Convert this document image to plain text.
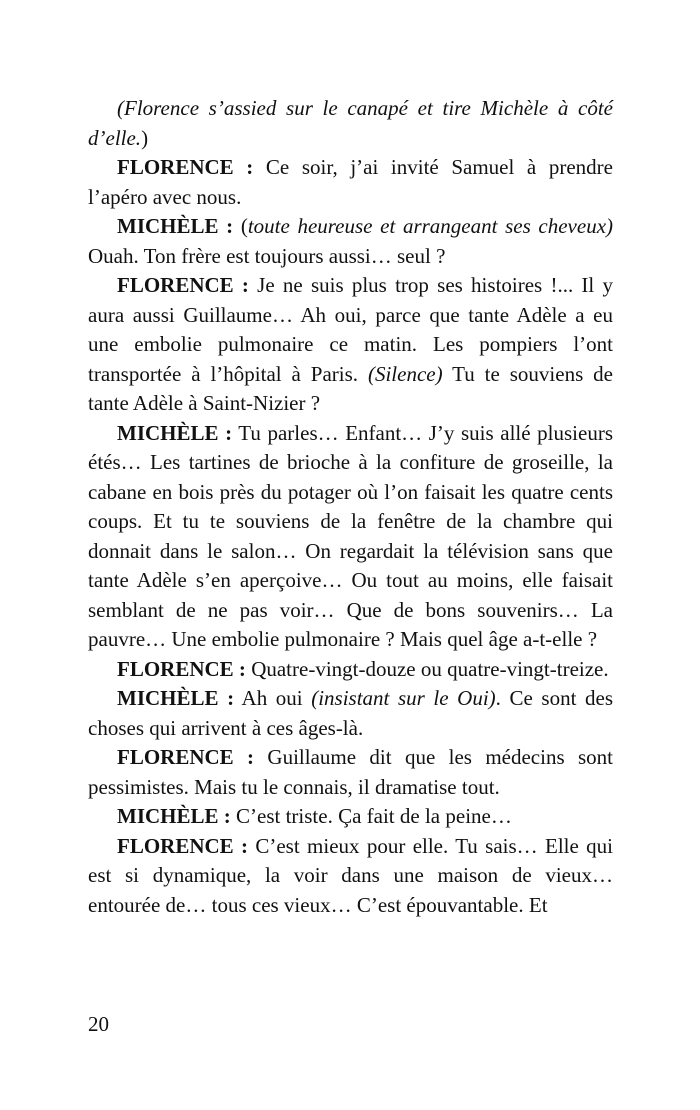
(Florence s’assied sur le canapé et tire Michèle à côté d’elle.)

FLORENCE : Ce soir, j’ai invité Samuel à prendre l’apéro avec nous.

MICHÈLE : (toute heureuse et arrangeant ses cheveux) Ouah. Ton frère est toujours aussi… seul ?

FLORENCE : Je ne suis plus trop ses histoires !... Il y aura aussi Guillaume… Ah oui, parce que tante Adèle a eu une embolie pulmonaire ce matin. Les pompiers l’ont transportée à l’hôpital à Paris. (Silence) Tu te souviens de tante Adèle à Saint-Nizier ?

MICHÈLE : Tu parles… Enfant… J’y suis allé plusieurs étés… Les tartines de brioche à la confiture de groseille, la cabane en bois près du potager où l’on faisait les quatre cents coups. Et tu te souviens de la fenêtre de la chambre qui donnait dans le salon… On regardait la télévision sans que tante Adèle s’en aperçoive… Ou tout au moins, elle faisait semblant de ne pas voir… Que de bons souvenirs… La pauvre… Une embolie pulmonaire ? Mais quel âge a-t-elle ?

FLORENCE : Quatre-vingt-douze ou quatre-vingt-treize.

MICHÈLE : Ah oui (insistant sur le Oui). Ce sont des choses qui arrivent à ces âges-là.

FLORENCE : Guillaume dit que les médecins sont pessimistes. Mais tu le connais, il dramatise tout.

MICHÈLE : C’est triste. Ça fait de la peine…

FLORENCE : C’est mieux pour elle. Tu sais… Elle qui est si dynamique, la voir dans une maison de vieux… entourée de… tous ces vieux… C’est épouvantable. Et

20
